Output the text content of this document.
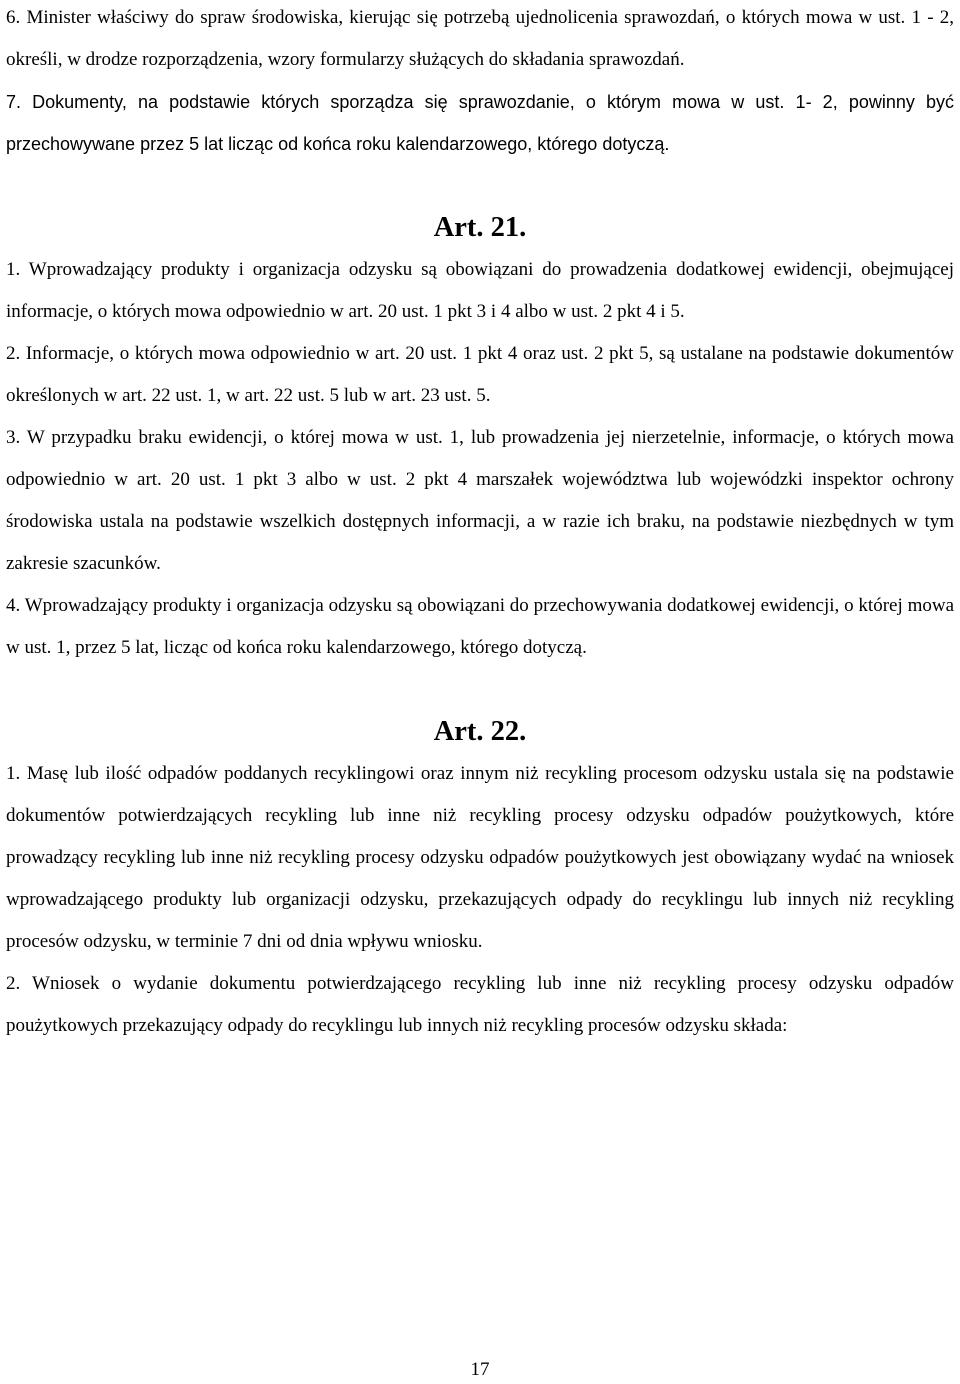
6. Minister właściwy do spraw środowiska, kierując się potrzebą ujednolicenia sprawozdań, o których mowa w ust. 1 - 2, określi, w drodze rozporządzenia, wzory formularzy służących do składania sprawozdań.

7. Dokumenty, na podstawie których sporządza się sprawozdanie, o którym mowa w ust. 1- 2, powinny być przechowywane przez 5 lat licząc od końca roku kalendarzowego, którego dotyczą.

Art. 21.

1. Wprowadzający produkty i organizacja odzysku są obowiązani do prowadzenia dodatkowej ewidencji, obejmującej informacje, o których mowa odpowiednio w art. 20 ust. 1 pkt 3 i 4 albo w ust. 2 pkt 4 i 5.

2. Informacje, o których mowa odpowiednio w art. 20 ust. 1 pkt 4 oraz ust. 2 pkt 5, są ustalane na podstawie dokumentów określonych w art. 22 ust. 1, w art. 22 ust. 5 lub w art. 23 ust. 5.

3. W przypadku braku ewidencji, o której mowa w ust. 1, lub prowadzenia jej nierzetelnie, informacje, o których mowa odpowiednio w art. 20 ust. 1 pkt 3 albo w ust. 2 pkt 4 marszałek województwa lub wojewódzki inspektor ochrony środowiska ustala na podstawie wszelkich dostępnych informacji, a w razie ich braku, na podstawie niezbędnych w tym zakresie szacunków.

4. Wprowadzający produkty i organizacja odzysku są obowiązani do przechowywania dodatkowej ewidencji, o której mowa w ust. 1, przez 5 lat, licząc od końca roku kalendarzowego, którego dotyczą.

Art. 22.

1. Masę lub ilość odpadów poddanych recyklingowi oraz innym niż recykling procesom odzysku ustala się na podstawie dokumentów potwierdzających recykling lub inne niż recykling procesy odzysku odpadów poużytkowych, które prowadzący recykling lub inne niż recykling procesy odzysku odpadów poużytkowych jest obowiązany wydać na wniosek wprowadzającego produkty lub organizacji odzysku, przekazujących odpady do recyklingu lub innych niż recykling procesów odzysku, w terminie 7 dni od dnia wpływu wniosku.

2. Wniosek o wydanie dokumentu potwierdzającego recykling lub inne niż recykling procesy odzysku odpadów poużytkowych przekazujący odpady do recyklingu lub innych niż recykling procesów odzysku składa:

17
